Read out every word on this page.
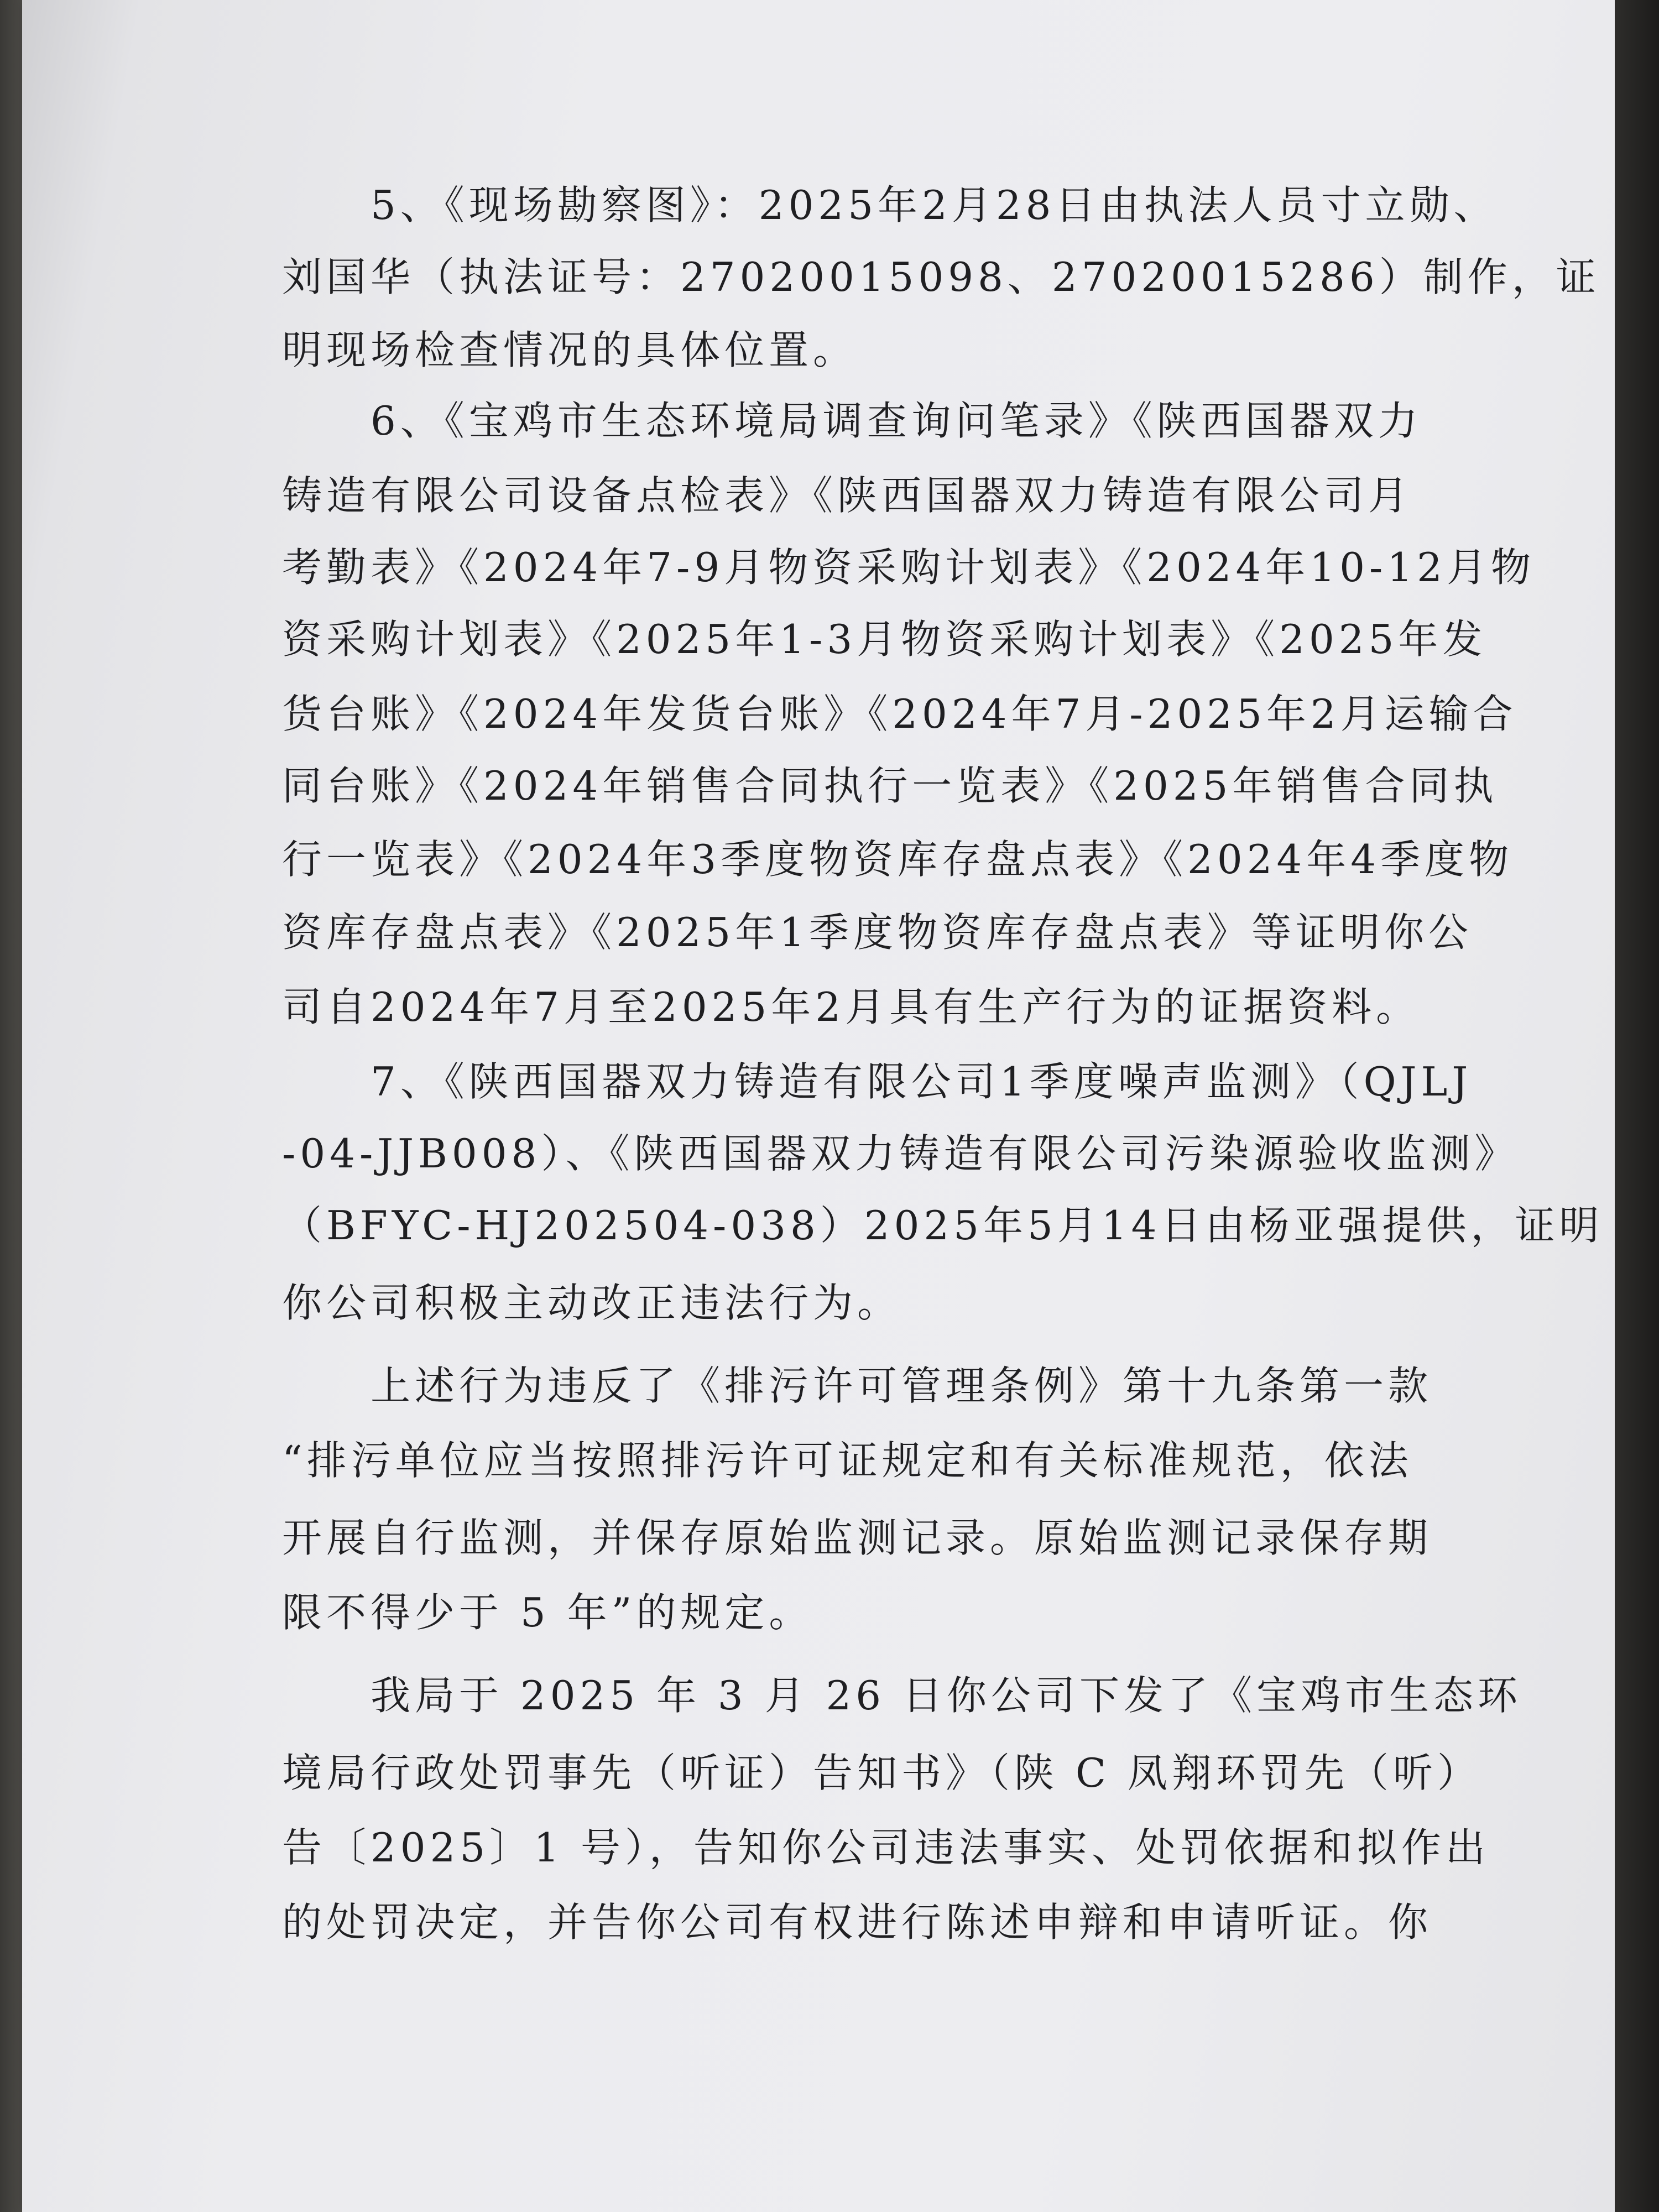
5、《现场勘察图》：2025年2月28日由执法人员寸立勋、
刘国华（执法证号：27020015098、27020015286）制作，证
明现场检查情况的具体位置。
6、《宝鸡市生态环境局调查询问笔录》《陕西国器双力
铸造有限公司设备点检表》《陕西国器双力铸造有限公司月
考勤表》《2024年7-9月物资采购计划表》《2024年10-12月物
资采购计划表》《2025年1-3月物资采购计划表》《2025年发
货台账》《2024年发货台账》《2024年7月-2025年2月运输合
同台账》《2024年销售合同执行一览表》《2025年销售合同执
行一览表》《2024年3季度物资库存盘点表》《2024年4季度物
资库存盘点表》《2025年1季度物资库存盘点表》等证明你公
司自2024年7月至2025年2月具有生产行为的证据资料。
7、《陕西国器双力铸造有限公司1季度噪声监测》（QJLJ
-04-JJB008）、《陕西国器双力铸造有限公司污染源验收监测》
（BFYC-HJ202504-038）2025年5月14日由杨亚强提供，证明
你公司积极主动改正违法行为。
上述行为违反了《排污许可管理条例》第十九条第一款
“排污单位应当按照排污许可证规定和有关标准规范，依法
开展自行监测，并保存原始监测记录。原始监测记录保存期
限不得少于 5 年”的规定。
我局于 2025 年 3 月 26 日你公司下发了《宝鸡市生态环
境局行政处罚事先（听证）告知书》（陕 C 凤翔环罚先（听）
告〔2025〕1 号），告知你公司违法事实、处罚依据和拟作出
的处罚决定，并告你公司有权进行陈述申辩和申请听证。你
